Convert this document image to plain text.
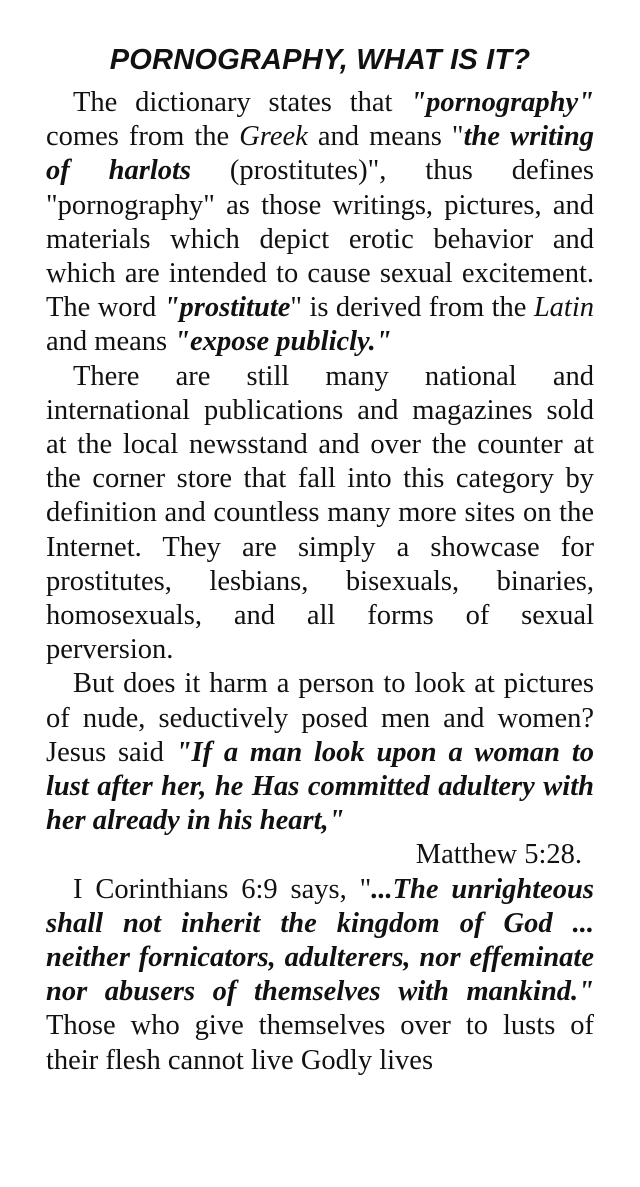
PORNOGRAPHY, WHAT IS IT?

The dictionary states that "pornography" comes from the Greek and means "the writing of harlots (prostitutes)", thus defines "pornography" as those writings, pictures, and materials which depict erotic behavior and which are intended to cause sexual excitement. The word "prostitute" is derived from the Latin and means "expose publicly."

There are still many national and international publications and magazines sold at the local newsstand and over the counter at the corner store that fall into this category by definition and countless many more sites on the Internet. They are simply a showcase for prostitutes, lesbians, bisexuals, binaries, homosexuals, and all forms of sexual perversion.

But does it harm a person to look at pictures of nude, seductively posed men and women? Jesus said "If a man look upon a woman to lust after her, he Has committed adultery with her already in his heart,"

Matthew 5:28.

I Corinthians 6:9 says, "...The unrighteous shall not inherit the kingdom of God ... neither fornicators, adulterers, nor effeminate nor abusers of themselves with mankind." Those who give themselves over to lusts of their flesh cannot live Godly lives
